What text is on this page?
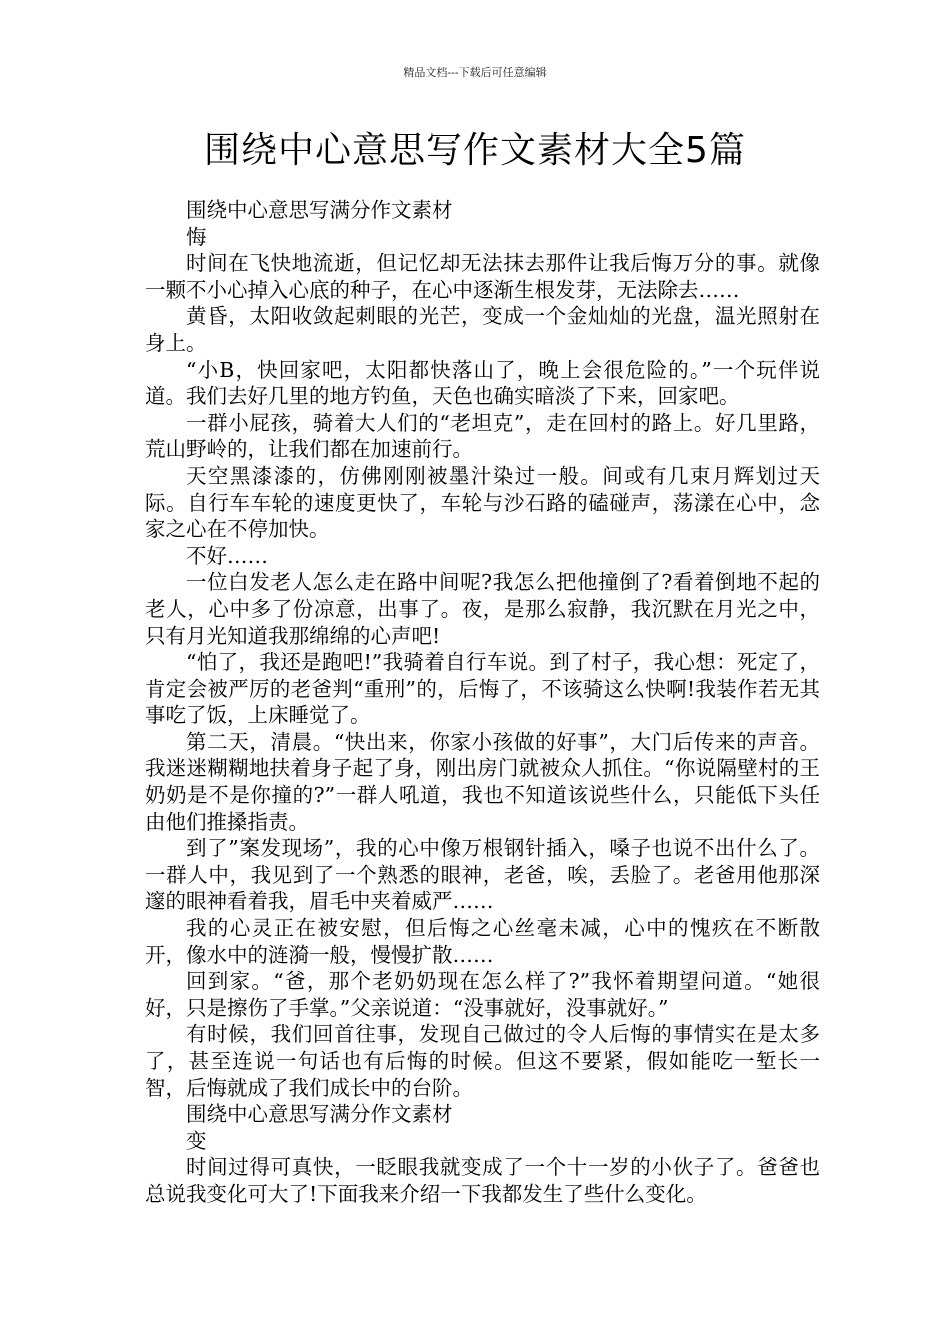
精品文档---下载后可任意编辑
围绕中心意思写作文素材大全5篇

围绕中心意思写满分作文素材

悔

时间在飞快地流逝，但记忆却无法抹去那件让我后悔万分的事。就像一颗不小心掉入心底的种子，在心中逐渐生根发芽，无法除去……

黄昏，太阳收敛起刺眼的光芒，变成一个金灿灿的光盘，温光照射在身上。

“小B，快回家吧，太阳都快落山了，晚上会很危险的。”一个玩伴说道。我们去好几里的地方钓鱼，天色也确实暗淡了下来，回家吧。

一群小屁孩，骑着大人们的“老坦克”，走在回村的路上。好几里路，荒山野岭的，让我们都在加速前行。

天空黑漆漆的，仿佛刚刚被墨汁染过一般。间或有几束月辉划过天际。自行车车轮的速度更快了，车轮与沙石路的磕碰声，荡漾在心中，念家之心在不停加快。

不好……

一位白发老人怎么走在路中间呢?我怎么把他撞倒了?看着倒地不起的老人，心中多了份凉意，出事了。夜，是那么寂静，我沉默在月光之中，只有月光知道我那绵绵的心声吧!

“怕了，我还是跑吧!”我骑着自行车说。到了村子，我心想：死定了，肯定会被严厉的老爸判“重刑”的，后悔了，不该骑这么快啊!我装作若无其事吃了饭，上床睡觉了。

第二天，清晨。“快出来，你家小孩做的好事”，大门后传来的声音。我迷迷糊糊地扶着身子起了身，刚出房门就被众人抓住。“你说隔壁村的王奶奶是不是你撞的?”一群人吼道，我也不知道该说些什么，只能低下头任由他们推搡指责。

到了”案发现场”，我的心中像万根钢针插入，嗓子也说不出什么了。一群人中，我见到了一个熟悉的眼神，老爸，唉，丢脸了。老爸用他那深邃的眼神看着我，眉毛中夹着威严……

我的心灵正在被安慰，但后悔之心丝毫未减，心中的愧疚在不断散开，像水中的涟漪一般，慢慢扩散……

回到家。“爸，那个老奶奶现在怎么样了?”我怀着期望问道。“她很好，只是擦伤了手掌。”父亲说道：“没事就好，没事就好。”

有时候，我们回首往事，发现自己做过的令人后悔的事情实在是太多了，甚至连说一句话也有后悔的时候。但这不要紧，假如能吃一堑长一智，后悔就成了我们成长中的台阶。

围绕中心意思写满分作文素材

变

时间过得可真快，一眨眼我就变成了一个十一岁的小伙子了。爸爸也总说我变化可大了!下面我来介绍一下我都发生了些什么变化。
